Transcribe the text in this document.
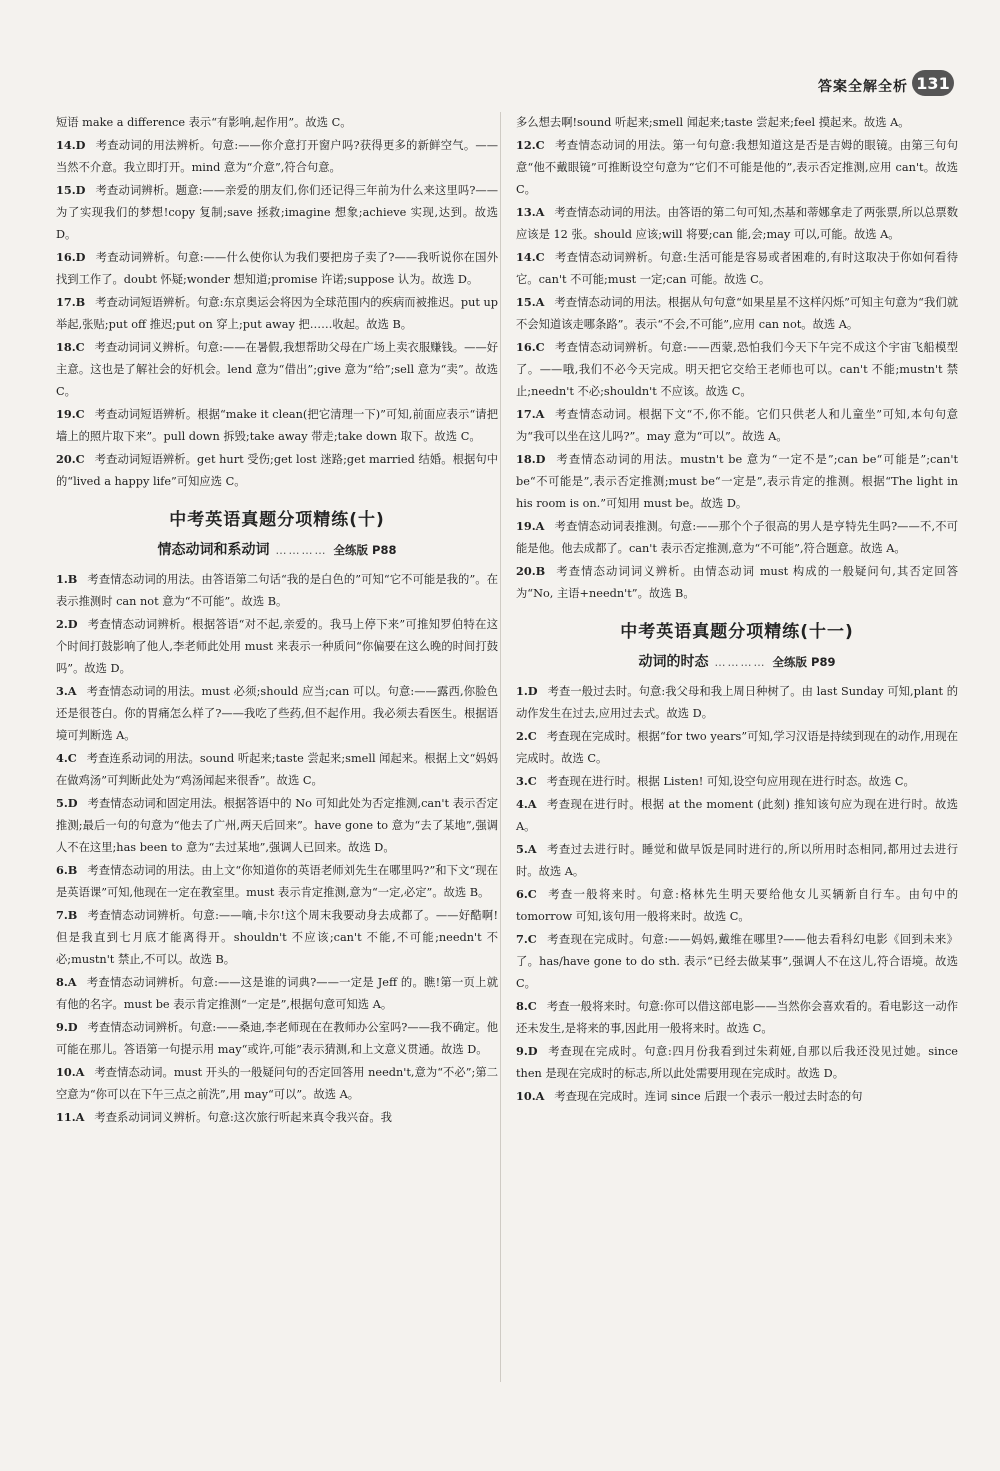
答案全解全析 131

短语 make a difference 表示“有影响,起作用”。故选 C。

14.D 考查动词的用法辨析。句意:——你介意打开窗户吗?获得更多的新鲜空气。——当然不介意。我立即打开。mind 意为“介意”,符合句意。

15.D 考查动词辨析。题意:——亲爱的朋友们,你们还记得三年前为什么来这里吗?——为了实现我们的梦想!copy 复制;save 拯救;imagine 想象;achieve 实现,达到。故选 D。

16.D 考查动词辨析。句意:——什么使你认为我们要把房子卖了?——我听说你在国外找到工作了。doubt 怀疑;wonder 想知道;promise 许诺;suppose 认为。故选 D。

17.B 考查动词短语辨析。句意:东京奥运会将因为全球范围内的疾病而被推迟。put up 举起,张贴;put off 推迟;put on 穿上;put away 把……收起。故选 B。

18.C 考查动词词义辨析。句意:——在暑假,我想帮助父母在广场上卖衣服赚钱。——好主意。这也是了解社会的好机会。lend 意为“借出”;give 意为“给”;sell 意为“卖”。故选 C。

19.C 考查动词短语辨析。根据“make it clean(把它清理一下)”可知,前面应表示“请把墙上的照片取下来”。pull down 拆毁;take away 带走;take down 取下。故选 C。

20.C 考查动词短语辨析。get hurt 受伤;get lost 迷路;get married 结婚。根据句中的“lived a happy life”可知应选 C。

中考英语真题分项精练(十)
情态动词和系动词 ………… 全练版 P88

1.B 考查情态动词的用法。由答语第二句话“我的是白色的”可知“它不可能是我的”。在表示推测时 can not 意为“不可能”。故选 B。

2.D 考查情态动词辨析。根据答语“对不起,亲爱的。我马上停下来”可推知罗伯特在这个时间打鼓影响了他人,李老师此处用 must 来表示一种质问“你偏要在这么晚的时间打鼓吗”。故选 D。

3.A 考查情态动词的用法。must 必须;should 应当;can 可以。句意:——露西,你脸色还是很苍白。你的胃痛怎么样了?——我吃了些药,但不起作用。我必须去看医生。根据语境可判断选 A。

4.C 考查连系动词的用法。sound 听起来;taste 尝起来;smell 闻起来。根据上文“妈妈在做鸡汤”可判断此处为“鸡汤闻起来很香”。故选 C。

5.D 考查情态动词和固定用法。根据答语中的 No 可知此处为否定推测,can't 表示否定推测;最后一句的句意为“他去了广州,两天后回来”。have gone to 意为“去了某地”,强调人不在这里;has been to 意为“去过某地”,强调人已回来。故选 D。

6.B 考查情态动词的用法。由上文“你知道你的英语老师刘先生在哪里吗?”和下文“现在是英语课”可知,他现在一定在教室里。must 表示肯定推测,意为“一定,必定”。故选 B。

7.B 考查情态动词辨析。句意:——嘀,卡尔!这个周末我要动身去成都了。——好酷啊!但是我直到七月底才能离得开。shouldn't 不应该;can't 不能,不可能;needn't 不必;mustn't 禁止,不可以。故选 B。

8.A 考查情态动词辨析。句意:——这是谁的词典?——一定是 Jeff 的。瞧!第一页上就有他的名字。must be 表示肯定推测“一定是”,根据句意可知选 A。

9.D 考查情态动词辨析。句意:——桑迪,李老师现在在教师办公室吗?——我不确定。他可能在那儿。答语第一句提示用 may“或许,可能”表示猜测,和上文意义贯通。故选 D。

10.A 考查情态动词。must 开头的一般疑问句的否定回答用 needn't,意为“不必”;第二空意为“你可以在下午三点之前洗”,用 may“可以”。故选 A。

11.A 考查系动词词义辨析。句意:这次旅行听起来真令我兴奋。我

多么想去啊!sound 听起来;smell 闻起来;taste 尝起来;feel 摸起来。故选 A。

12.C 考查情态动词的用法。第一句句意:我想知道这是否是吉姆的眼镜。由第三句句意“他不戴眼镜”可推断设空句意为“它们不可能是他的”,表示否定推测,应用 can't。故选 C。

13.A 考查情态动词的用法。由答语的第二句可知,杰基和蒂娜拿走了两张票,所以总票数应该是 12 张。should 应该;will 将要;can 能,会;may 可以,可能。故选 A。

14.C 考查情态动词辨析。句意:生活可能是容易或者困难的,有时这取决于你如何看待它。can't 不可能;must 一定;can 可能。故选 C。

15.A 考查情态动词的用法。根据从句句意“如果星星不这样闪烁”可知主句意为“我们就不会知道该走哪条路”。表示“不会,不可能”,应用 can not。故选 A。

16.C 考查情态动词辨析。句意:——西蒙,恐怕我们今天下午完不成这个宇宙飞船模型了。——哦,我们不必今天完成。明天把它交给王老师也可以。can't 不能;mustn't 禁止;needn't 不必;shouldn't 不应该。故选 C。

17.A 考查情态动词。根据下文“不,你不能。它们只供老人和儿童坐”可知,本句句意为“我可以坐在这儿吗?”。may 意为“可以”。故选 A。

18.D 考查情态动词的用法。mustn't be 意为“一定不是”;can be“可能是”;can't be“不可能是”,表示否定推测;must be“一定是”,表示肯定的推测。根据“The light in his room is on.”可知用 must be。故选 D。

19.A 考查情态动词表推测。句意:——那个个子很高的男人是亨特先生吗?——不,不可能是他。他去成都了。can't 表示否定推测,意为“不可能”,符合题意。故选 A。

20.B 考查情态动词词义辨析。由情态动词 must 构成的一般疑问句,其否定回答为“No, 主语+needn't”。故选 B。

中考英语真题分项精练(十一)
动词的时态 ………… 全练版 P89

1.D 考查一般过去时。句意:我父母和我上周日种树了。由 last Sunday 可知,plant 的动作发生在过去,应用过去式。故选 D。

2.C 考查现在完成时。根据“for two years”可知,学习汉语是持续到现在的动作,用现在完成时。故选 C。

3.C 考查现在进行时。根据 Listen! 可知,设空句应用现在进行时态。故选 C。

4.A 考查现在进行时。根据 at the moment (此刻) 推知该句应为现在进行时。故选 A。

5.A 考查过去进行时。睡觉和做早饭是同时进行的,所以所用时态相同,都用过去进行时。故选 A。

6.C 考查一般将来时。句意:格林先生明天要给他女儿买辆新自行车。由句中的 tomorrow 可知,该句用一般将来时。故选 C。

7.C 考查现在完成时。句意:——妈妈,戴维在哪里?——他去看科幻电影《回到未来》了。has/have gone to do sth. 表示“已经去做某事”,强调人不在这儿,符合语境。故选 C。

8.C 考查一般将来时。句意:你可以借这部电影——当然你会喜欢看的。看电影这一动作还未发生,是将来的事,因此用一般将来时。故选 C。

9.D 考查现在完成时。句意:四月份我看到过朱莉娅,自那以后我还没见过她。since then 是现在完成时的标志,所以此处需要用现在完成时。故选 D。

10.A 考查现在完成时。连词 since 后跟一个表示一般过去时态的句
